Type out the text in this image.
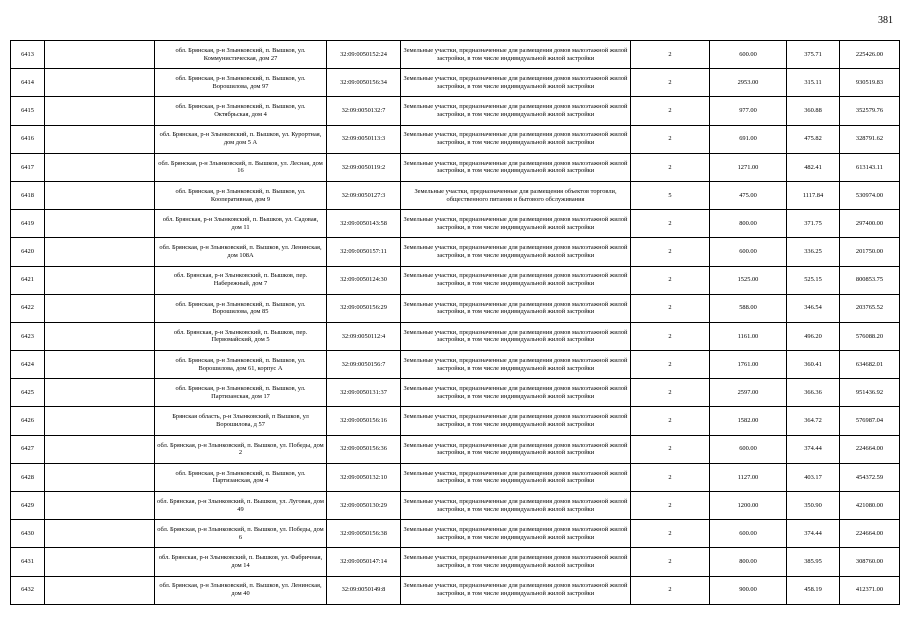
381
6413		обл. Брянская, р-н Злынковский, п. Вышков, ул. Коммунистическая, дом 27	32:09:0050152:24	Земельные участки, предназначенные для размещения домов малоэтажной жилой застройки, в том числе индивидуальной жилой застройки	2	600.00	375.71	225426.00
6414		обл. Брянская, р-н Злынковский, п. Вышков, ул. Ворошилова, дом 97	32:09:0050156:34	Земельные участки, предназначенные для размещения домов малоэтажной жилой застройки, в том числе индивидуальной жилой застройки	2	2953.00	315.11	930519.83
6415		обл. Брянская, р-н Злынковский, п. Вышков, ул. Октябрьская, дом 4	32:09:0050132:7	Земельные участки, предназначенные для размещения домов малоэтажной жилой застройки, в том числе индивидуальной жилой застройки	2	977.00	360.88	352579.76
6416		обл. Брянская, р-н Злынковский, п. Вышков, ул. Курортная, дом дом 5 А	32:09:0050113:3	Земельные участки, предназначенные для размещения домов малоэтажной жилой застройки, в том числе индивидуальной жилой застройки	2	691.00	475.82	328791.62
6417		обл. Брянская, р-н Злынковский, п. Вышков, ул. Лесная, дом 16	32:09:0050119:2	Земельные участки, предназначенные для размещения домов малоэтажной жилой застройки, в том числе индивидуальной жилой застройки	2	1271.00	482.41	613143.11
6418		обл. Брянская, р-н Злынковский, п. Вышков, ул. Кооперативная, дом 9	32:09:0050127:3	Земельные участки, предназначенные для размещения объектов торговли, общественного питания и бытового обслуживания	5	475.00	1117.84	530974.00
6419		обл. Брянская, р-н Злынковский, п. Вышков, ул. Садовая, дом 11	32:09:0050143:58	Земельные участки, предназначенные для размещения домов малоэтажной жилой застройки, в том числе индивидуальной жилой застройки	2	800.00	371.75	297400.00
6420		обл. Брянская, р-н Злынковский, п. Вышков, ул. Ленинская, дом 108А	32:09:0050157:11	Земельные участки, предназначенные для размещения домов малоэтажной жилой застройки, в том числе индивидуальной жилой застройки	2	600.00	336.25	201750.00
6421		обл. Брянская, р-н Злынковский, п. Вышков, пер. Набережный, дом 7	32:09:0050124:30	Земельные участки, предназначенные для размещения домов малоэтажной жилой застройки, в том числе индивидуальной жилой застройки	2	1525.00	525.15	800853.75
6422		обл. Брянская, р-н Злынковский, п. Вышков, ул. Ворошилова, дом 85	32:09:0050156:29	Земельные участки, предназначенные для размещения домов малоэтажной жилой застройки, в том числе индивидуальной жилой застройки	2	588.00	346.54	203765.52
6423		обл. Брянская, р-н Злынковский, п. Вышков, пер. Первомайский, дом 5	32:09:0050112:4	Земельные участки, предназначенные для размещения домов малоэтажной жилой застройки, в том числе индивидуальной жилой застройки	2	1161.00	496.20	576088.20
6424		обл. Брянская, р-н Злынковский, п. Вышков, ул. Ворошилова, дом 61, корпус А	32:09:0050156:7	Земельные участки, предназначенные для размещения домов малоэтажной жилой застройки, в том числе индивидуальной жилой застройки	2	1761.00	360.41	634682.01
6425		обл. Брянская, р-н Злынковский, п. Вышков, ул. Партизанская, дом 17	32:09:0050131:37	Земельные участки, предназначенные для размещения домов малоэтажной жилой застройки, в том числе индивидуальной жилой застройки	2	2597.00	366.36	951436.92
6426		Брянская область, р-н Злынковский, п Вышков, ул Ворошилова, д 57	32:09:0050156:16	Земельные участки, предназначенные для размещения домов малоэтажной жилой застройки, в том числе индивидуальной жилой застройки	2	1582.00	364.72	576987.04
6427		обл. Брянская, р-н Злынковский, п. Вышков, ул. Победы, дом 2	32:09:0050156:36	Земельные участки, предназначенные для размещения домов малоэтажной жилой застройки, в том числе индивидуальной жилой застройки	2	600.00	374.44	224664.00
6428		обл. Брянская, р-н Злынковский, п. Вышков, ул. Партизанская, дом 4	32:09:0050132:10	Земельные участки, предназначенные для размещения домов малоэтажной жилой застройки, в том числе индивидуальной жилой застройки	2	1127.00	403.17	454372.59
6429		обл. Брянская, р-н Злынковский, п. Вышков, ул. Луговая, дом 49	32:09:0050130:29	Земельные участки, предназначенные для размещения домов малоэтажной жилой застройки, в том числе индивидуальной жилой застройки	2	1200.00	350.90	421080.00
6430		обл. Брянская, р-н Злынковский, п. Вышков, ул. Победы, дом 6	32:09:0050156:38	Земельные участки, предназначенные для размещения домов малоэтажной жилой застройки, в том числе индивидуальной жилой застройки	2	600.00	374.44	224664.00
6431		обл. Брянская, р-н Злынковский, п. Вышков, ул. Фабричная, дом 14	32:09:0050147:14	Земельные участки, предназначенные для размещения домов малоэтажной жилой застройки, в том числе индивидуальной жилой застройки	2	800.00	385.95	308760.00
6432		обл. Брянская, р-н Злынковский, п. Вышков, ул. Ленинская, дом 40	32:09:0050149:8	Земельные участки, предназначенные для размещения домов малоэтажной жилой застройки, в том числе индивидуальной жилой застройки	2	900.00	458.19	412371.00
